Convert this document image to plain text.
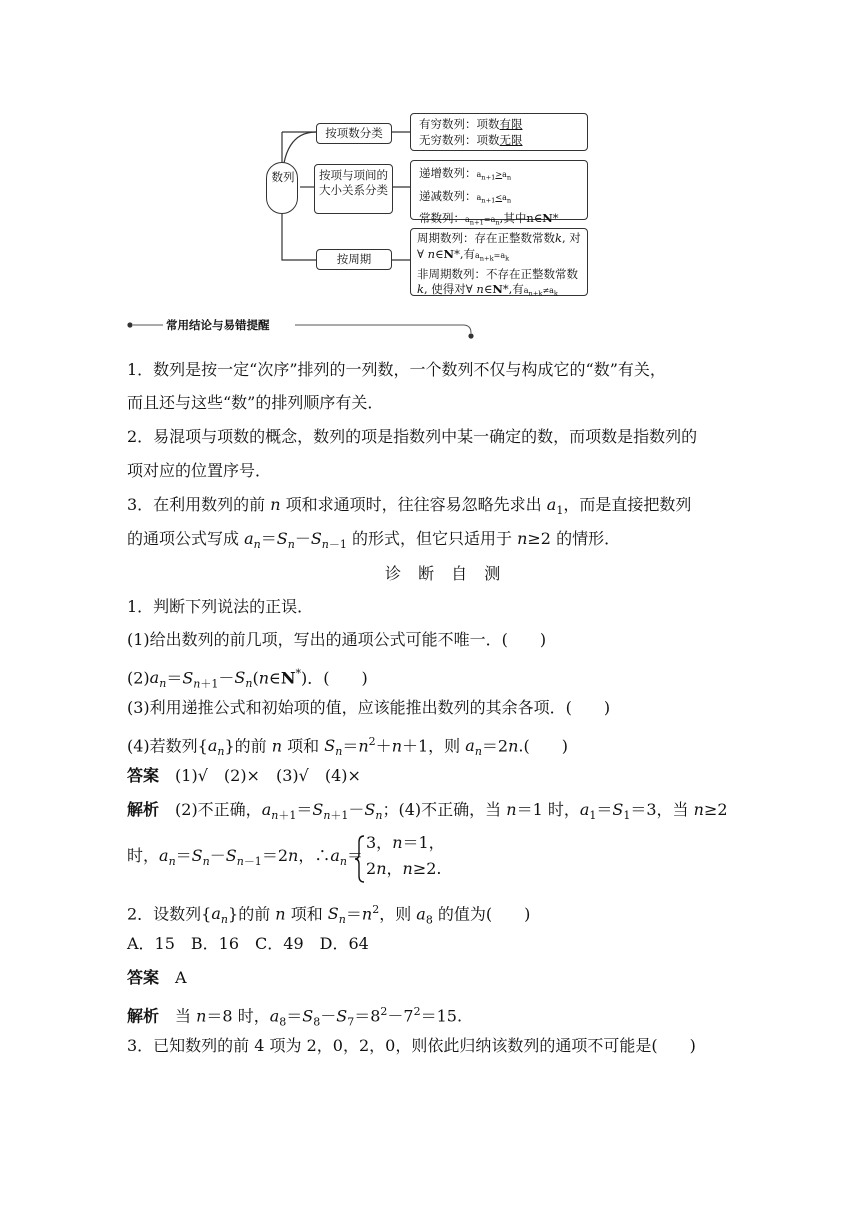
数列
按项数分类
有穷数列：项数有限
无穷数列：项数无限
按项与项间的大小关系分类
递增数列：$a_{n+1}>a_n$
递减数列：$a_{n+1}<a_n$
常数列：$a_{n+1}=a_n$,其中n∈N*
按周期
周期数列：存在正整数常数k, 对
∀ n∈N*,有$a_{n+k}=a_k$
非周期数列：不存在正整数常数
k, 使得对∀ n∈N*,有$a_{n+k}\ne a_k$
常用结论与易错提醒
1．数列是按一定“次序”排列的一列数，一个数列不仅与构成它的“数”有关，
而且还与这些“数”的排列顺序有关．
2．易混项与项数的概念，数列的项是指数列中某一确定的数，而项数是指数列的
项对应的位置序号．
3．在利用数列的前 n 项和求通项时，往往容易忽略先求出 $a_1$，而是直接把数列
的通项公式写成 $a_n=S_n-S_{n-1}$ 的形式，但它只适用于 n≥2 的情形．
诊 断 自 测
1．判断下列说法的正误．
(1)给出数列的前几项，写出的通项公式可能不唯一．(　　)
$(2)a_n=S_{n+1}-S_n(n\in N^*)$．(　　)
(3)利用递推公式和初始项的值，应该能推出数列的其余各项．(　　)
(4)若数列$\{a_n\}$的前 n 项和 $S_n=n^2+n+1$，则 $a_n=2n$.(　　)
答案　 (1)√　(2)×　(3)√　(4)×
解析　(2)不正确，$a_{n+1}=S_{n+1}-S_n$；(4)不正确，当 n＝1 时，$a_1=S_1=3$，当 n≥2
时，$a_n=S_n-S_{n-1}=2n$，$\therefore a_n=$
3，n＝1，
2n，n≥2.
2．设数列$\{a_n\}$的前 n 项和 $S_n=n^2$，则 $a_8$ 的值为(　　)
A．15　B．16　C．49　D．64
答案　 A
解析　当 n＝8 时，$a_8=S_8-S_7=8^2-7^2=15$.
3．已知数列的前 4 项为 2，0，2，0，则依此归纳该数列的通项不可能是(　　)
